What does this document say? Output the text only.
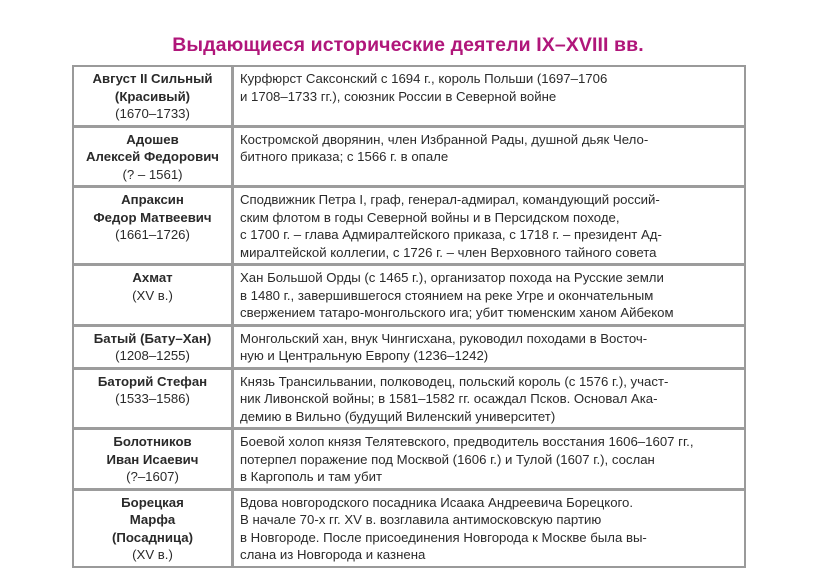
Выдающиеся исторические деятели IX–XVIII вв.
Август II Сильный
(Красивый)
(1670–1733)
Курфюрст Саксонский с 1694 г., король Польши (1697–1706
и 1708–1733 гг.), союзник России в Северной войне
Адошев
Алексей Федорович
(? – 1561)
Костромской дворянин, член Избранной Рады, душной дьяк Чело-
битного приказа; с 1566 г. в опале
Апраксин
Федор Матвеевич
(1661–1726)
Сподвижник Петра I, граф, генерал-адмирал, командующий россий-
ским флотом в годы Северной войны и в Персидском походе,
с 1700 г. – глава Адмиралтейского приказа, с 1718 г. – президент Ад-
миралтейской коллегии, с 1726 г. – член Верховного тайного совета
Ахмат
(XV в.)
Хан Большой Орды (с 1465 г.), организатор похода на Русские земли
в 1480 г., завершившегося стоянием на реке Угре и окончательным
свержением татаро-монгольского ига; убит тюменским ханом Айбеком
Батый (Бату–Хан)
(1208–1255)
Монгольский хан, внук Чингисхана, руководил походами в Восточ-
ную и Центральную Европу (1236–1242)
Баторий Стефан
(1533–1586)
Князь Трансильвании, полководец, польский король (с 1576 г.), участ-
ник Ливонской войны; в 1581–1582 гг. осаждал Псков. Основал Ака-
демию в Вильно (будущий Виленский университет)
Болотников
Иван Исаевич
(?–1607)
Боевой холоп князя Телятевского, предводитель восстания 1606–1607 гг.,
потерпел поражение под Москвой (1606 г.) и Тулой (1607 г.), сослан
в Каргополь и там убит
Борецкая
Марфа
(Посадница)
(XV в.)
Вдова новгородского посадника Исаака Андреевича Борецкого.
В начале 70-х гг. XV в. возглавила антимосковскую партию
в Новгороде. После присоединения Новгорода к Москве была вы-
слана из Новгорода и казнена
